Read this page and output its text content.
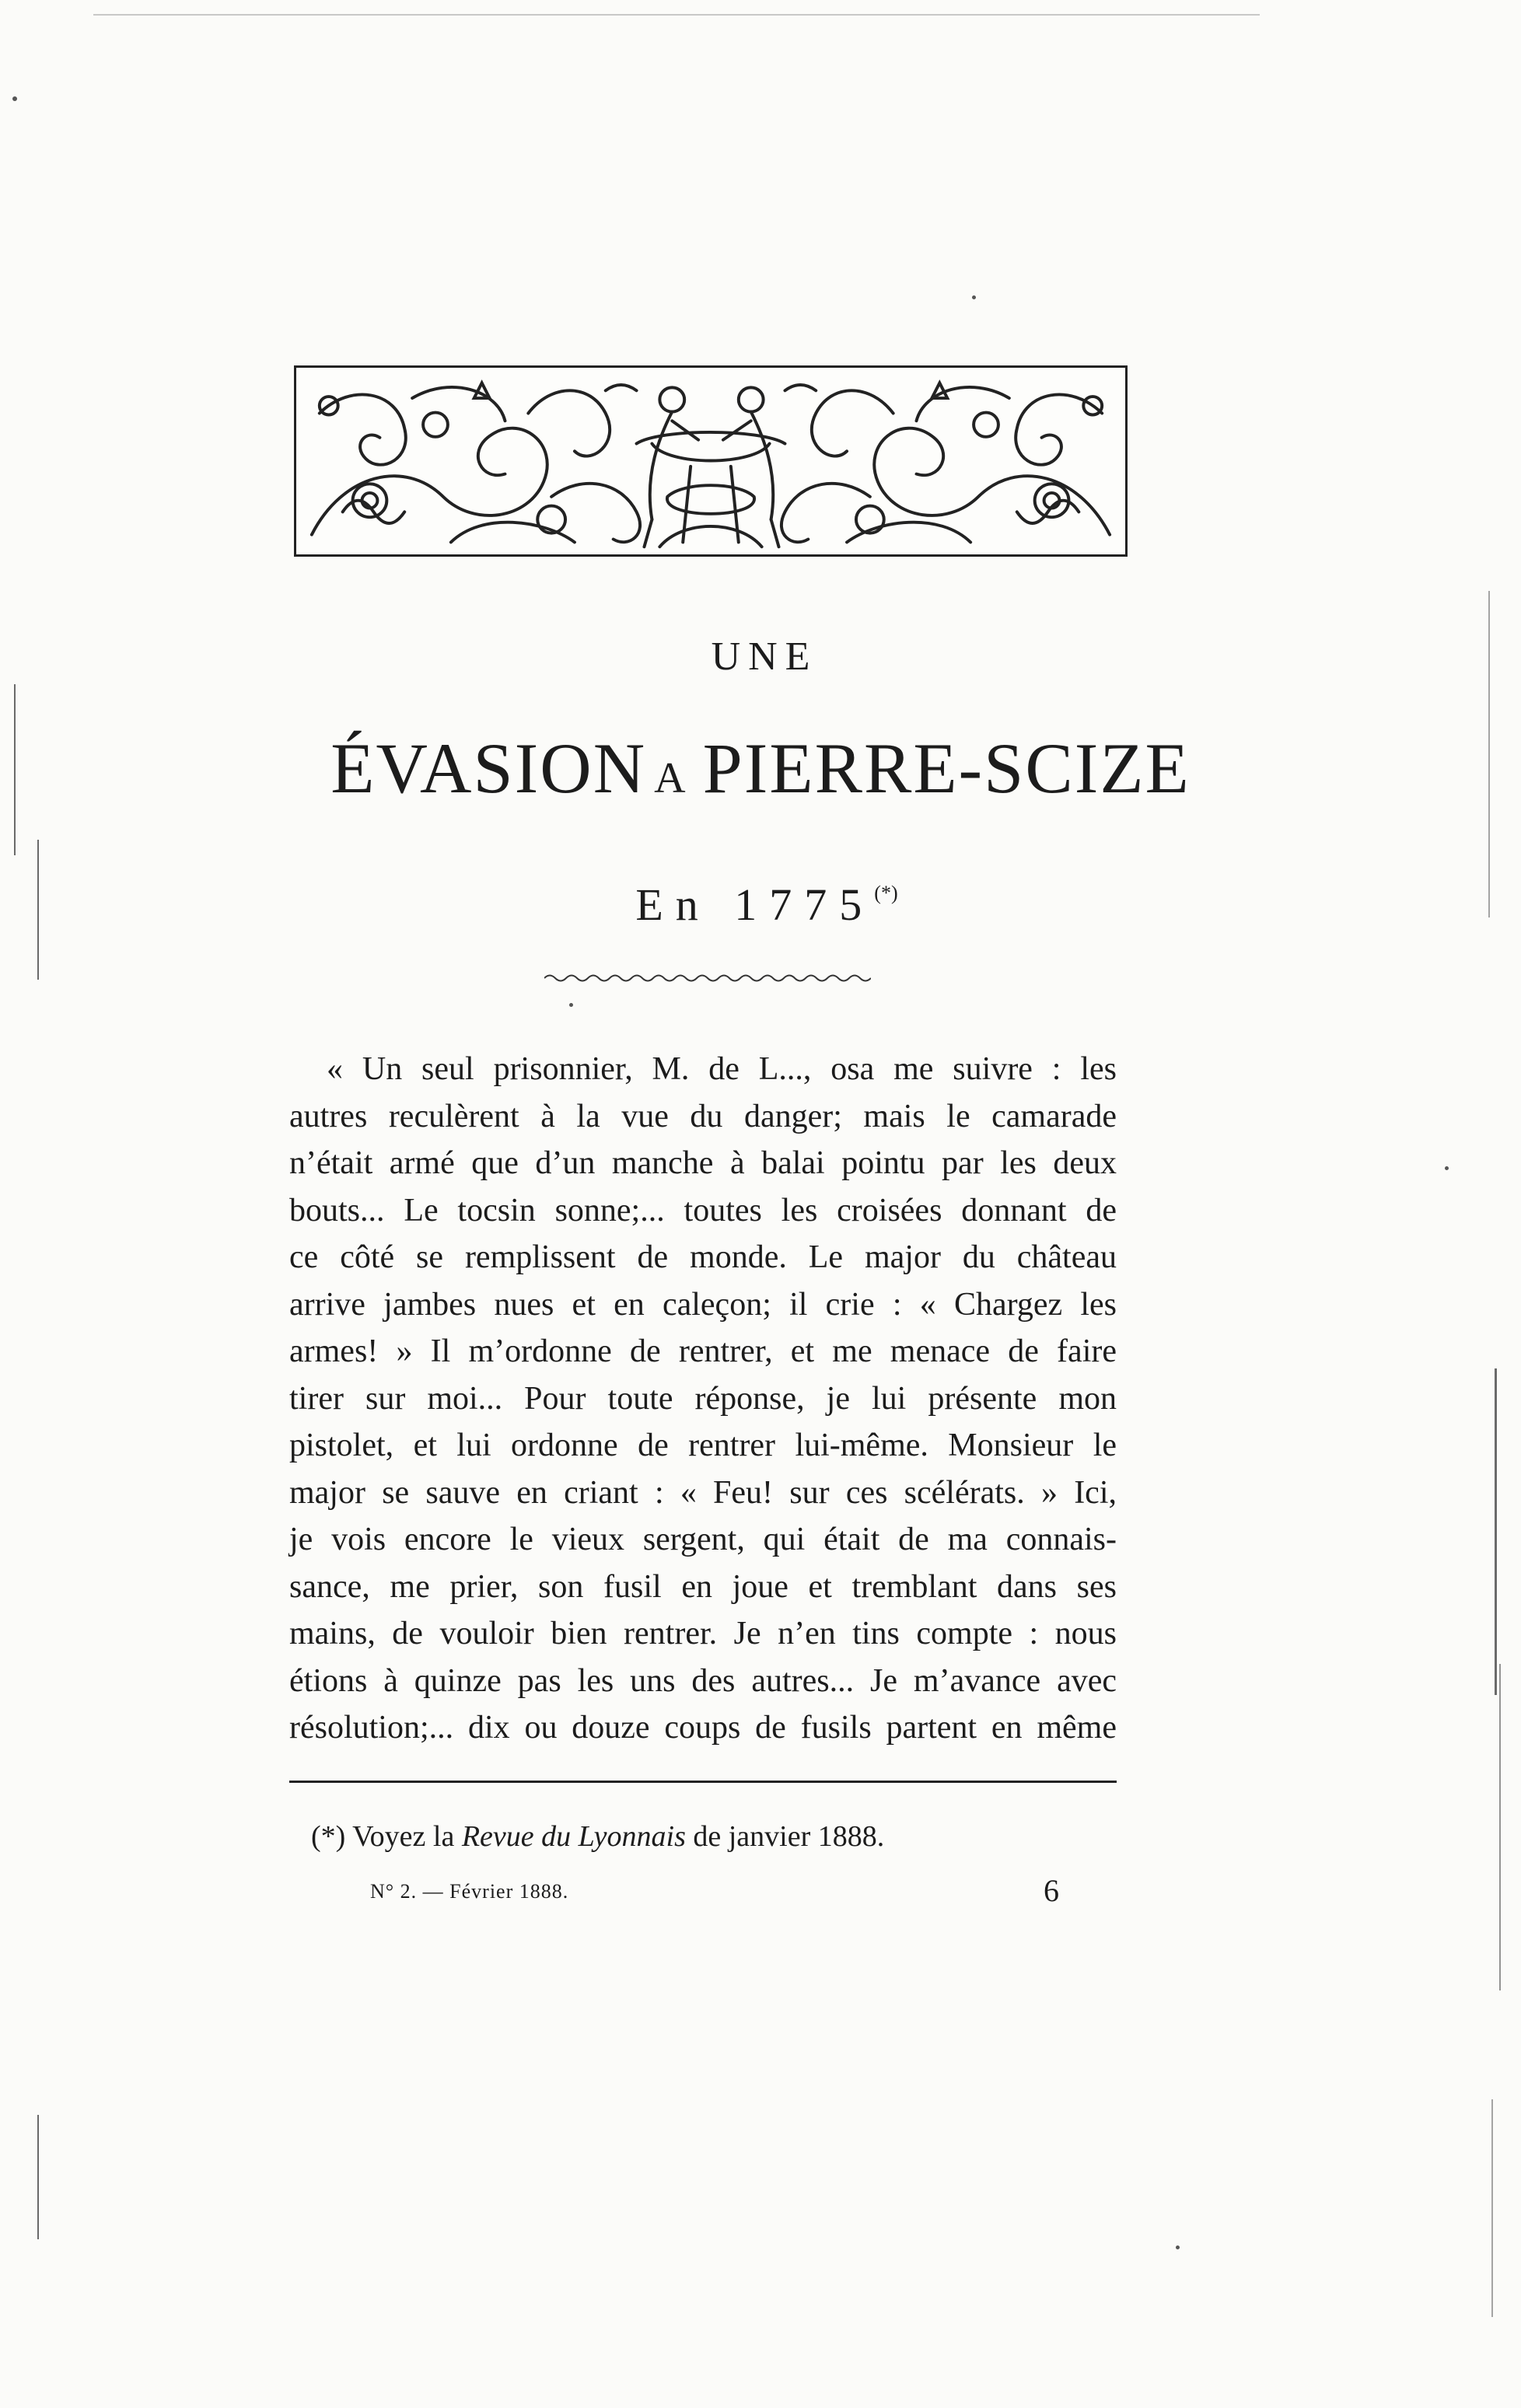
UNE
ÉVASION A PIERRE-SCIZE
En 1775(*)
« Un seul prisonnier, M. de L..., osa me suivre : les
autres reculèrent à la vue du danger; mais le camarade
n’était armé que d’un manche à balai pointu par les deux
bouts... Le tocsin sonne;... toutes les croisées donnant de
ce côté se remplissent de monde. Le major du château
arrive jambes nues et en caleçon; il crie : « Chargez les
armes! » Il m’ordonne de rentrer, et me menace de faire
tirer sur moi... Pour toute réponse, je lui présente mon
pistolet, et lui ordonne de rentrer lui-même. Monsieur le
major se sauve en criant : « Feu! sur ces scélérats. » Ici,
je vois encore le vieux sergent, qui était de ma connais-
sance, me prier, son fusil en joue et tremblant dans ses
mains, de vouloir bien rentrer. Je n’en tins compte : nous
étions à quinze pas les uns des autres... Je m’avance avec
résolution;... dix ou douze coups de fusils partent en même
(*) Voyez la Revue du Lyonnais de janvier 1888.
N° 2. — Février 1888.	6
